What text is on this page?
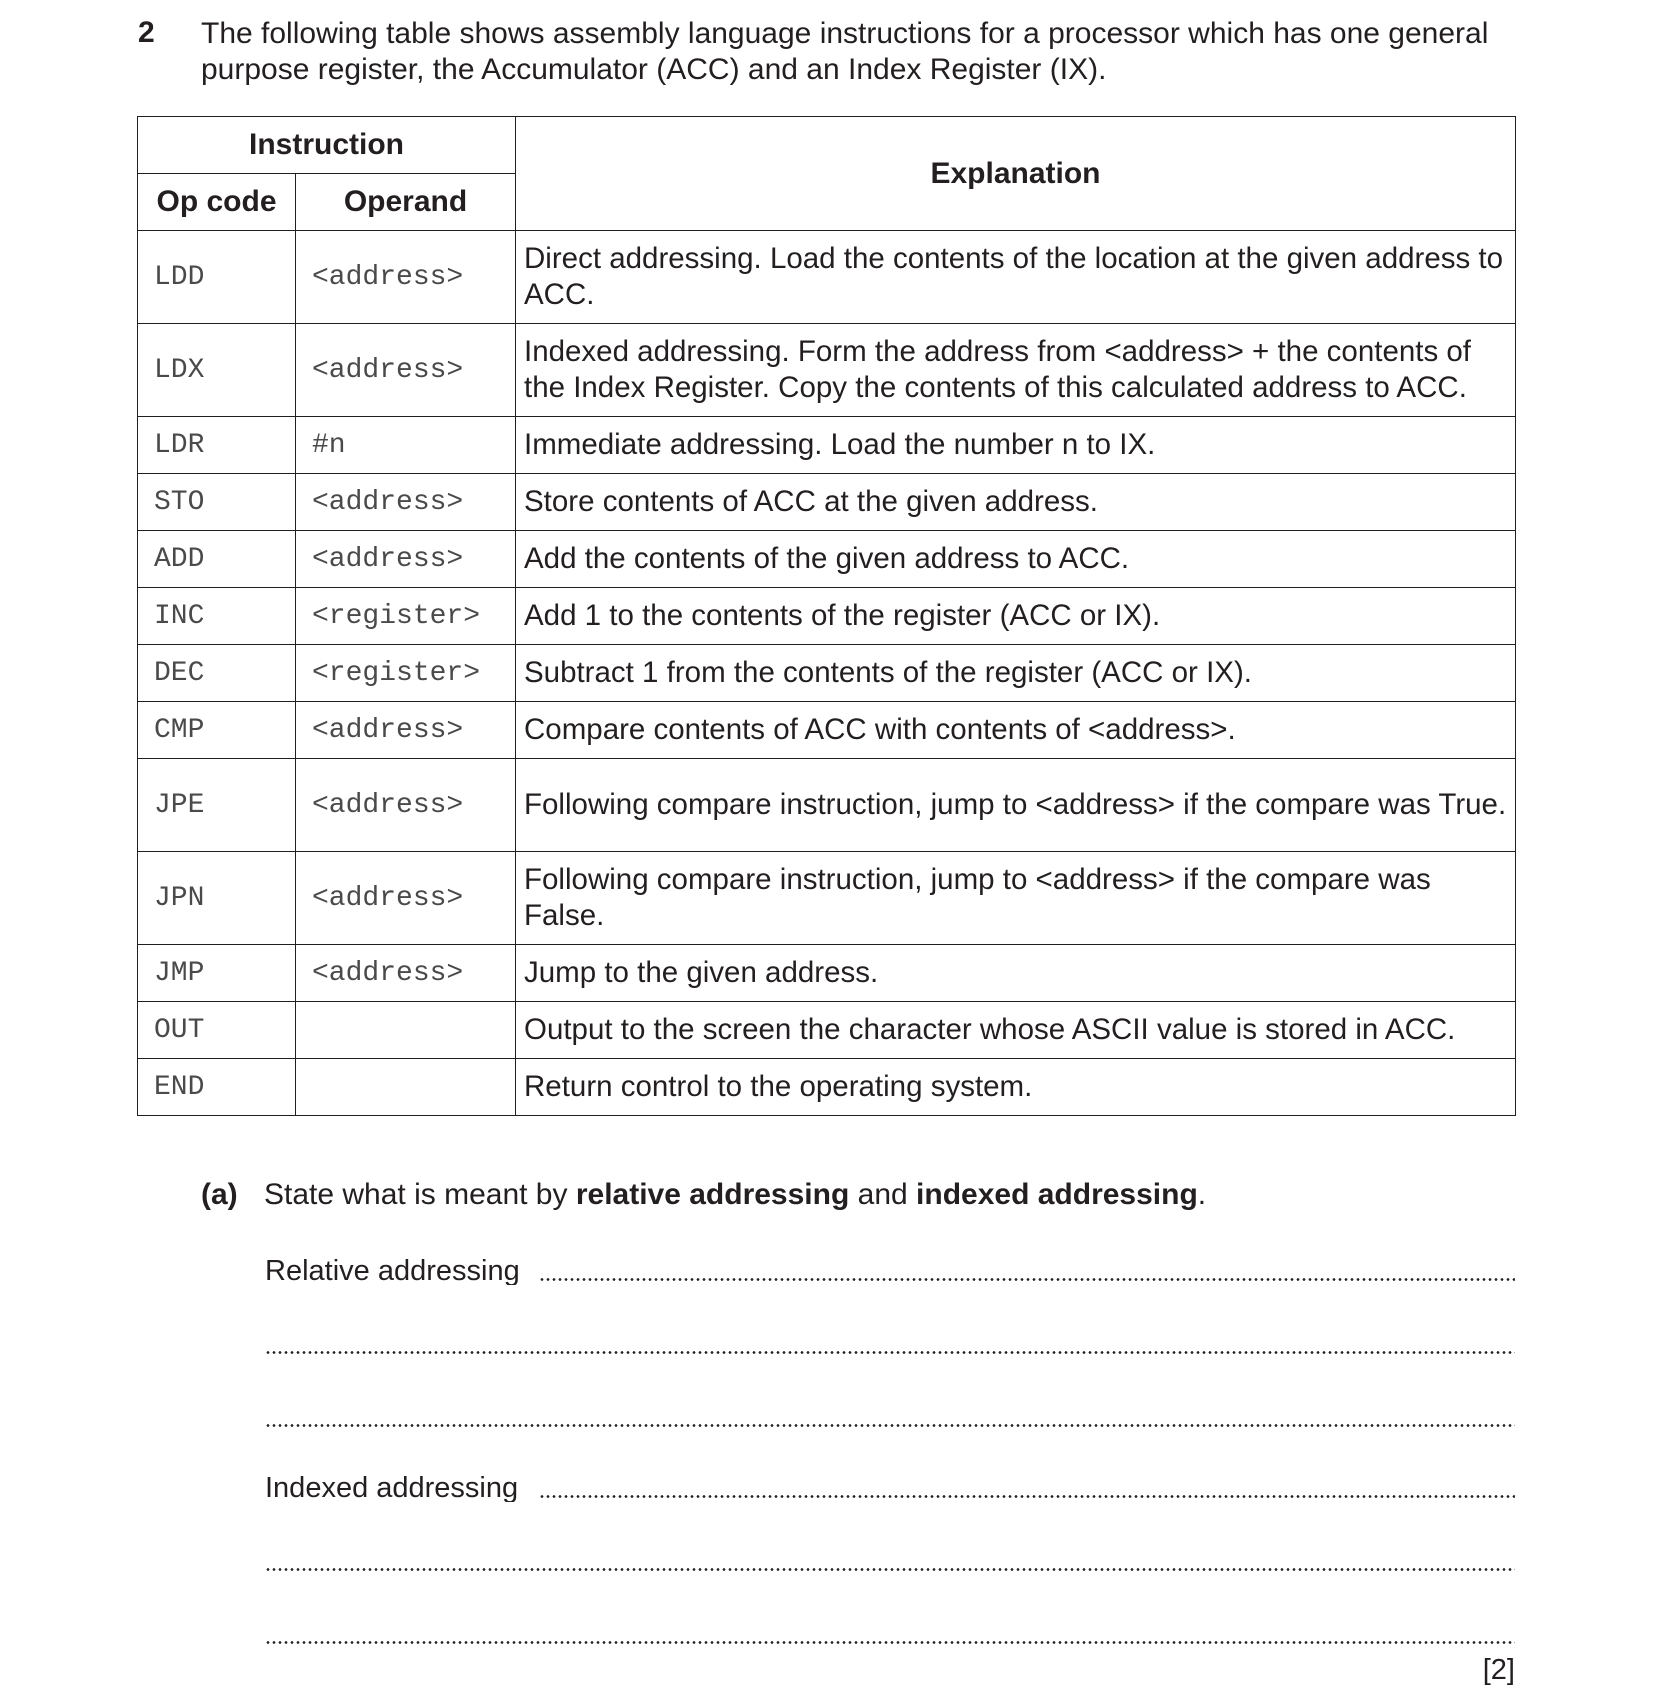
2 The following table shows assembly language instructions for a processor which has one general purpose register, the Accumulator (ACC) and an Index Register (IX).
Instruction		Explanation
Op code	Operand	
LDD	<address>	Direct addressing. Load the contents of the location at the given address to ACC.
LDX	<address>	Indexed addressing. Form the address from <address> + the contents of the Index Register. Copy the contents of this calculated address to ACC.
LDR	#n	Immediate addressing. Load the number n to IX.
STO	<address>	Store contents of ACC at the given address.
ADD	<address>	Add the contents of the given address to ACC.
INC	<register>	Add 1 to the contents of the register (ACC or IX).
DEC	<register>	Subtract 1 from the contents of the register (ACC or IX).
CMP	<address>	Compare contents of ACC with contents of <address>.
JPE	<address>	Following compare instruction, jump to <address> if the compare was True.
JPN	<address>	Following compare instruction, jump to <address> if the compare was False.
JMP	<address>	Jump to the given address.
OUT		Output to the screen the character whose ASCII value is stored in ACC.
END		Return control to the operating system.
(a) State what is meant by relative addressing and indexed addressing.
Relative addressing
Indexed addressing
[2]
